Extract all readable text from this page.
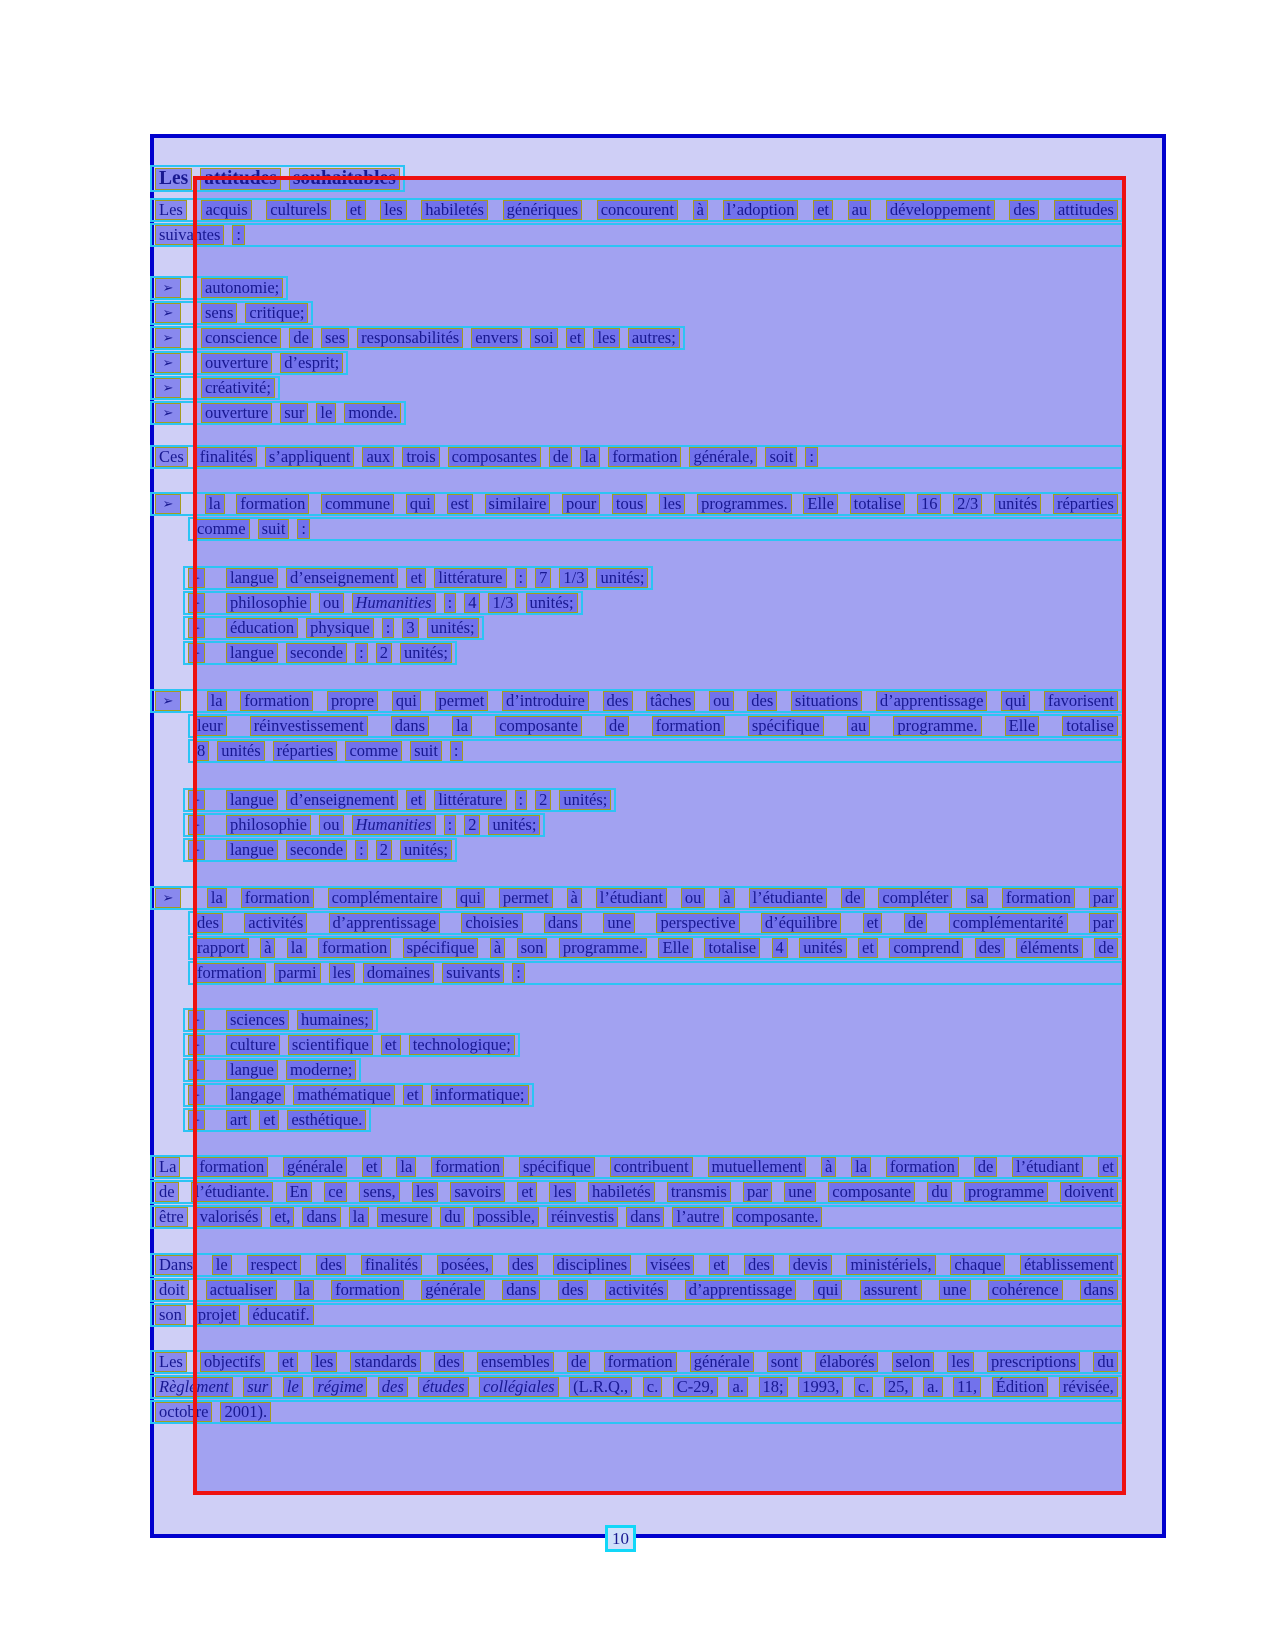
Les attitudes souhaitables
Les acquis culturels et les habiletés génériques concourent à l’adoption et au développement des attitudes
suivantes :
➢	autonomie;
➢	sens critique;
➢	conscience de ses responsabilités envers soi et les autres;
➢	ouverture d’esprit;
➢	créativité;
➢	ouverture sur le monde.
Ces finalités s’appliquent aux trois composantes de la formation générale, soit :
➢	la formation commune qui est similaire pour tous les programmes. Elle totalise 16 2/3 unités réparties
comme suit :
➢ langue d’enseignement et littérature : 7 1/3 unités;
➢ philosophie ou Humanities : 4 1/3 unités;
➢ éducation physique : 3 unités;
➢ langue seconde : 2 unités;
➢	la formation propre qui permet d’introduire des tâches ou des situations d’apprentissage qui favorisent
leur réinvestissement dans la composante de formation spécifique au programme. Elle totalise
8 unités réparties comme suit :
➢ langue d’enseignement et littérature : 2 unités;
➢ philosophie ou Humanities : 2 unités;
➢ langue seconde : 2 unités;
➢	la formation complémentaire qui permet à l’étudiant ou à l’étudiante de compléter sa formation par
des activités d’apprentissage choisies dans une perspective d’équilibre et de complémentarité par
rapport à la formation spécifique à son programme. Elle totalise 4 unités et comprend des éléments de
formation parmi les domaines suivants :
➢ sciences humaines;
➢ culture scientifique et technologique;
➢ langue moderne;
➢ langage mathématique et informatique;
➢ art et esthétique.
La formation générale et la formation spécifique contribuent mutuellement à la formation de l’étudiant et
de l’étudiante. En ce sens, les savoirs et les habiletés transmis par une composante du programme doivent
être valorisés et, dans la mesure du possible, réinvestis dans l’autre composante.
Dans le respect des finalités posées, des disciplines visées et des devis ministériels, chaque établissement
doit actualiser la formation générale dans des activités d’apprentissage qui assurent une cohérence dans
son projet éducatif.
Les objectifs et les standards des ensembles de formation générale sont élaborés selon les prescriptions du
Règlement sur le régime des études collégiales (L.R.Q., c. C-29, a. 18; 1993, c. 25, a. 11, Édition révisée,
octobre 2001).
10
